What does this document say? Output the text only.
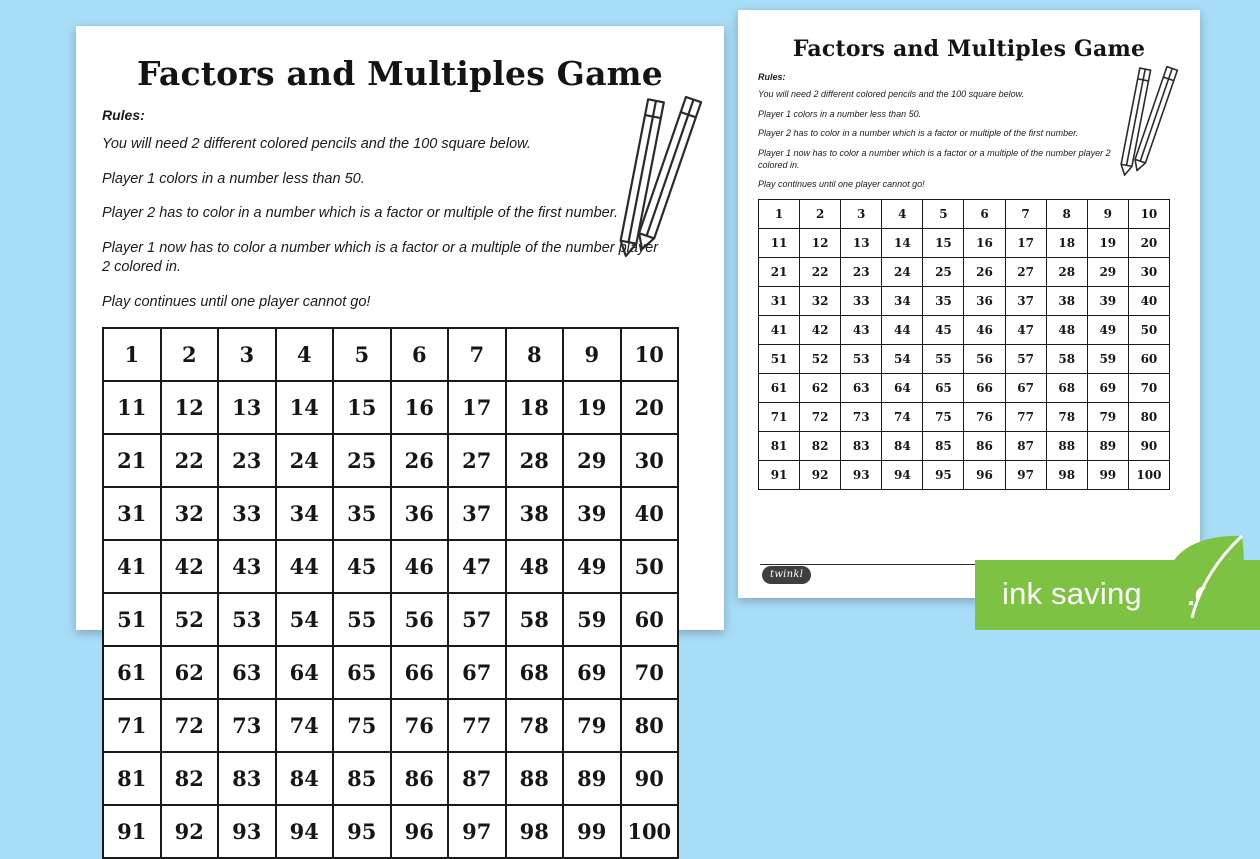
Factors and Multiples Game
Rules:

You will need 2 different colored pencils and the 100 square below.

Player 1 colors in a number less than 50.

Player 2 has to color in a number which is a factor or multiple of the first number.

Player 1 now has to color a number which is a factor or a multiple of the number player 2 colored in.

Play continues until one player cannot go!

1	2	3	4	5	6	7	8	9	10
11	12	13	14	15	16	17	18	19	20
21	22	23	24	25	26	27	28	29	30
31	32	33	34	35	36	37	38	39	40
41	42	43	44	45	46	47	48	49	50
51	52	53	54	55	56	57	58	59	60
61	62	63	64	65	66	67	68	69	70
71	72	73	74	75	76	77	78	79	80
81	82	83	84	85	86	87	88	89	90
91	92	93	94	95	96	97	98	99	100
Factors and Multiples Game
Rules:

You will need 2 different colored pencils and the 100 square below.

Player 1 colors in a number less than 50.

Player 2 has to color in a number which is a factor or multiple of the first number.

Player 1 now has to color a number which is a factor or a multiple of the number player 2 colored in.

Play continues until one player cannot go!

1	2	3	4	5	6	7	8	9	10
11	12	13	14	15	16	17	18	19	20
21	22	23	24	25	26	27	28	29	30
31	32	33	34	35	36	37	38	39	40
41	42	43	44	45	46	47	48	49	50
51	52	53	54	55	56	57	58	59	60
61	62	63	64	65	66	67	68	69	70
71	72	73	74	75	76	77	78	79	80
81	82	83	84	85	86	87	88	89	90
91	92	93	94	95	96	97	98	99	100
twinkl
ink saving
